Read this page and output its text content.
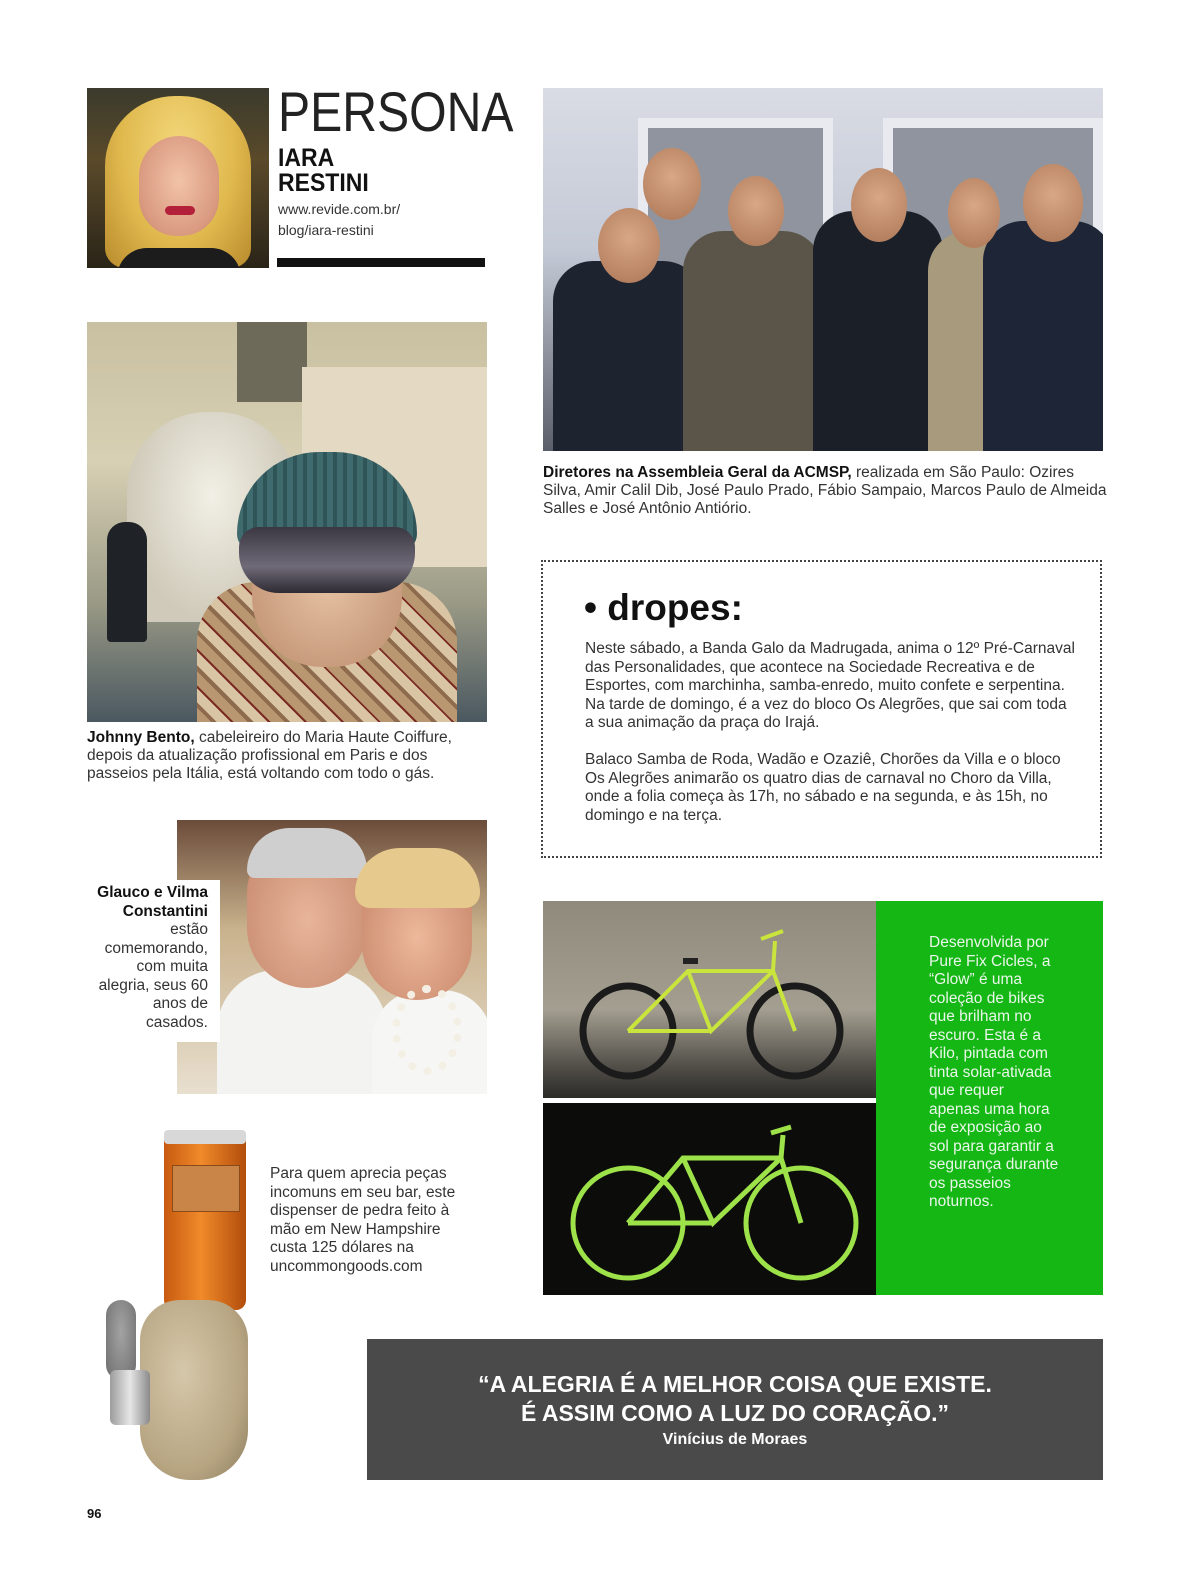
PERSONA
IARA
RESTINI
www.revide.com.br/
blog/iara-restini
Diretores na Assembleia Geral da ACMSP, realizada em São Paulo: Ozires Silva, Amir Calil Dib, José Paulo Prado, Fábio Sampaio, Marcos Paulo de Almeida Salles e José Antônio Antiório.
• dropes:
Neste sábado, a Banda Galo da Madrugada, anima o 12º Pré-Carnaval das Personalidades, que acontece na Sociedade Recreativa e de Esportes, com marchinha, samba-enredo, muito confete e serpentina. Na tarde de domingo, é a vez do bloco Os Alegrões, que sai com toda a sua animação da praça do Irajá.
Balaco Samba de Roda, Wadão e Ozaziê, Chorões da Villa e o bloco Os Alegrões animarão os quatro dias de carnaval no Choro da Villa, onde a folia começa às 17h, no sábado e na segunda, e às 15h, no domingo e na terça.
Johnny Bento, cabeleireiro do Maria Haute Coiffure, depois da atualização profissional em Paris e dos passeios pela Itália, está voltando com todo o gás.
Glauco e Vilma Constantini estão comemorando, com muita alegria, seus 60 anos de casados.
Para quem aprecia peças incomuns em seu bar, este dispenser de pedra feito à mão em New Hampshire custa 125 dólares na uncommongoods.com
Desenvolvida por Pure Fix Cicles, a “Glow” é uma coleção de bikes que brilham no escuro. Esta é a Kilo, pintada com tinta solar-ativada que requer apenas uma hora de exposição ao sol para garantir a segurança durante os passeios noturnos.
“A ALEGRIA É A MELHOR COISA QUE EXISTE.
É ASSIM COMO A LUZ DO CORAÇÃO.”
Vinícius de Moraes
96
